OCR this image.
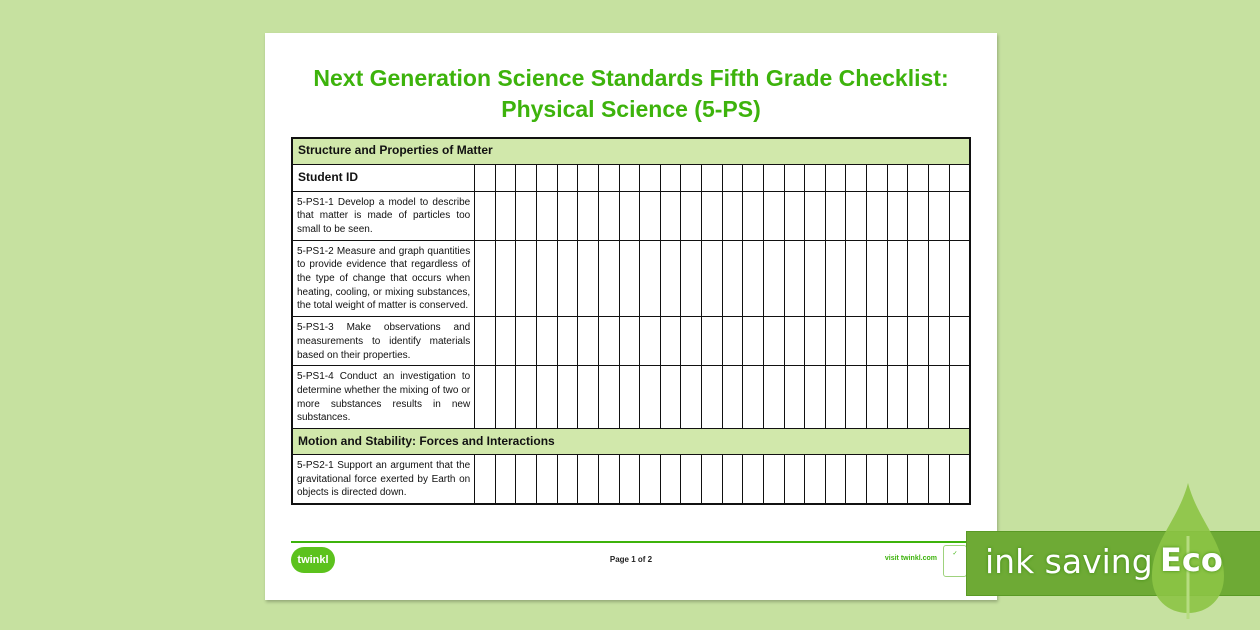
Next Generation Science Standards Fifth Grade Checklist:
Physical Science (5-PS)
Structure and Properties of Matter																								
Student ID																								
5-PS1-1 Develop a model to describe that matter is made of particles too small to be seen.																								
5-PS1-2 Measure and graph quantities to provide evidence that regardless of the type of change that occurs when heating, cooling, or mixing substances, the total weight of matter is conserved.																								
5-PS1-3 Make observations and measurements to identify materials based on their properties.																								
5-PS1-4 Conduct an investigation to determine whether the mixing of two or more substances results in new substances.																								
Motion and Stability: Forces and Interactions																								
5-PS2-1 Support an argument that the gravitational force exerted by Earth on objects is directed down.																								
twinkl	Page 1 of 2	visit twinkl.com
✓ ink saving Eco
